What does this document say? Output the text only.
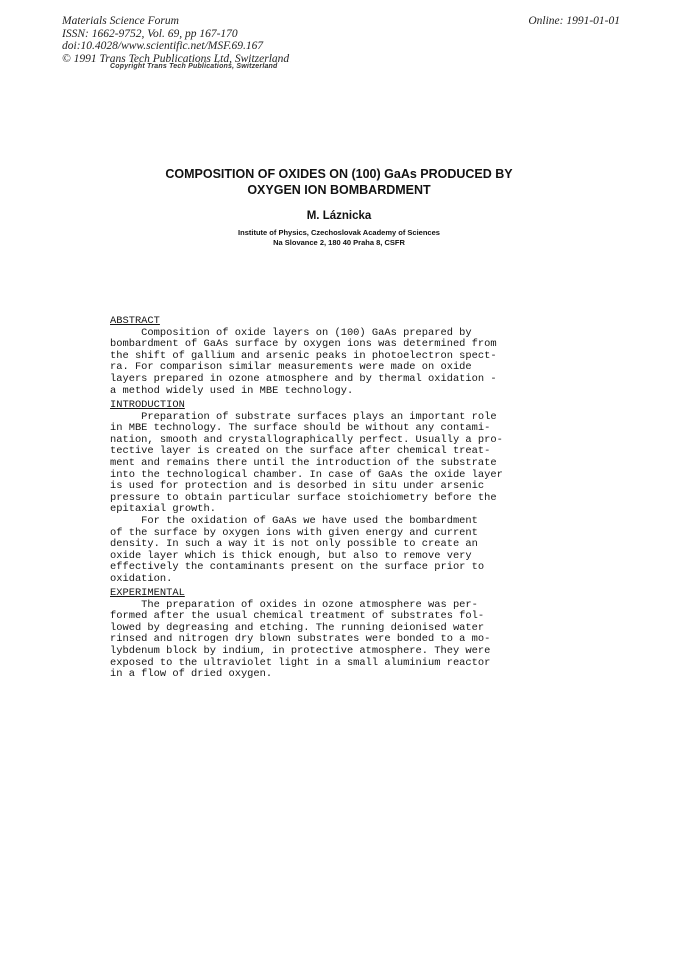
Materials Science Forum
ISSN: 1662-9752, Vol. 69, pp 167-170
doi:10.4028/www.scientific.net/MSF.69.167
© 1991 Trans Tech Publications Ltd, Switzerland
Online: 1991-01-01
Copyright Trans Tech Publications, Switzerland
COMPOSITION OF OXIDES ON (100) GaAs PRODUCED BY
OXYGEN ION BOMBARDMENT
M. Láznicka
Institute of Physics, Czechoslovak Academy of Sciences
Na Slovance 2, 180 40 Praha 8, CSFR
ABSTRACT
Composition of oxide layers on (100) GaAs prepared by
bombardment of GaAs surface by oxygen ions was determined from
the shift of gallium and arsenic peaks in photoelectron spect-
ra. For comparison similar measurements were made on oxide
layers prepared in ozone atmosphere and by thermal oxidation -
a method widely used in MBE technology.
INTRODUCTION
Preparation of substrate surfaces plays an important role
in MBE technology. The surface should be without any contami-
nation, smooth and crystallographically perfect. Usually a pro-
tective layer is created on the surface after chemical treat-
ment and remains there until the introduction of the substrate
into the technological chamber. In case of GaAs the oxide layer
is used for protection and is desorbed in situ under arsenic
pressure to obtain particular surface stoichiometry before the
epitaxial growth.
For the oxidation of GaAs we have used the bombardment
of the surface by oxygen ions with given energy and current
density. In such a way it is not only possible to create an
oxide layer which is thick enough, but also to remove very
effectively the contaminants present on the surface prior to
oxidation.
EXPERIMENTAL
The preparation of oxides in ozone atmosphere was per-
formed after the usual chemical treatment of substrates fol-
lowed by degreasing and etching. The running deionised water
rinsed and nitrogen dry blown substrates were bonded to a mo-
lybdenum block by indium, in protective atmosphere. They were
exposed to the ultraviolet light in a small aluminium reactor
in a flow of dried oxygen.
